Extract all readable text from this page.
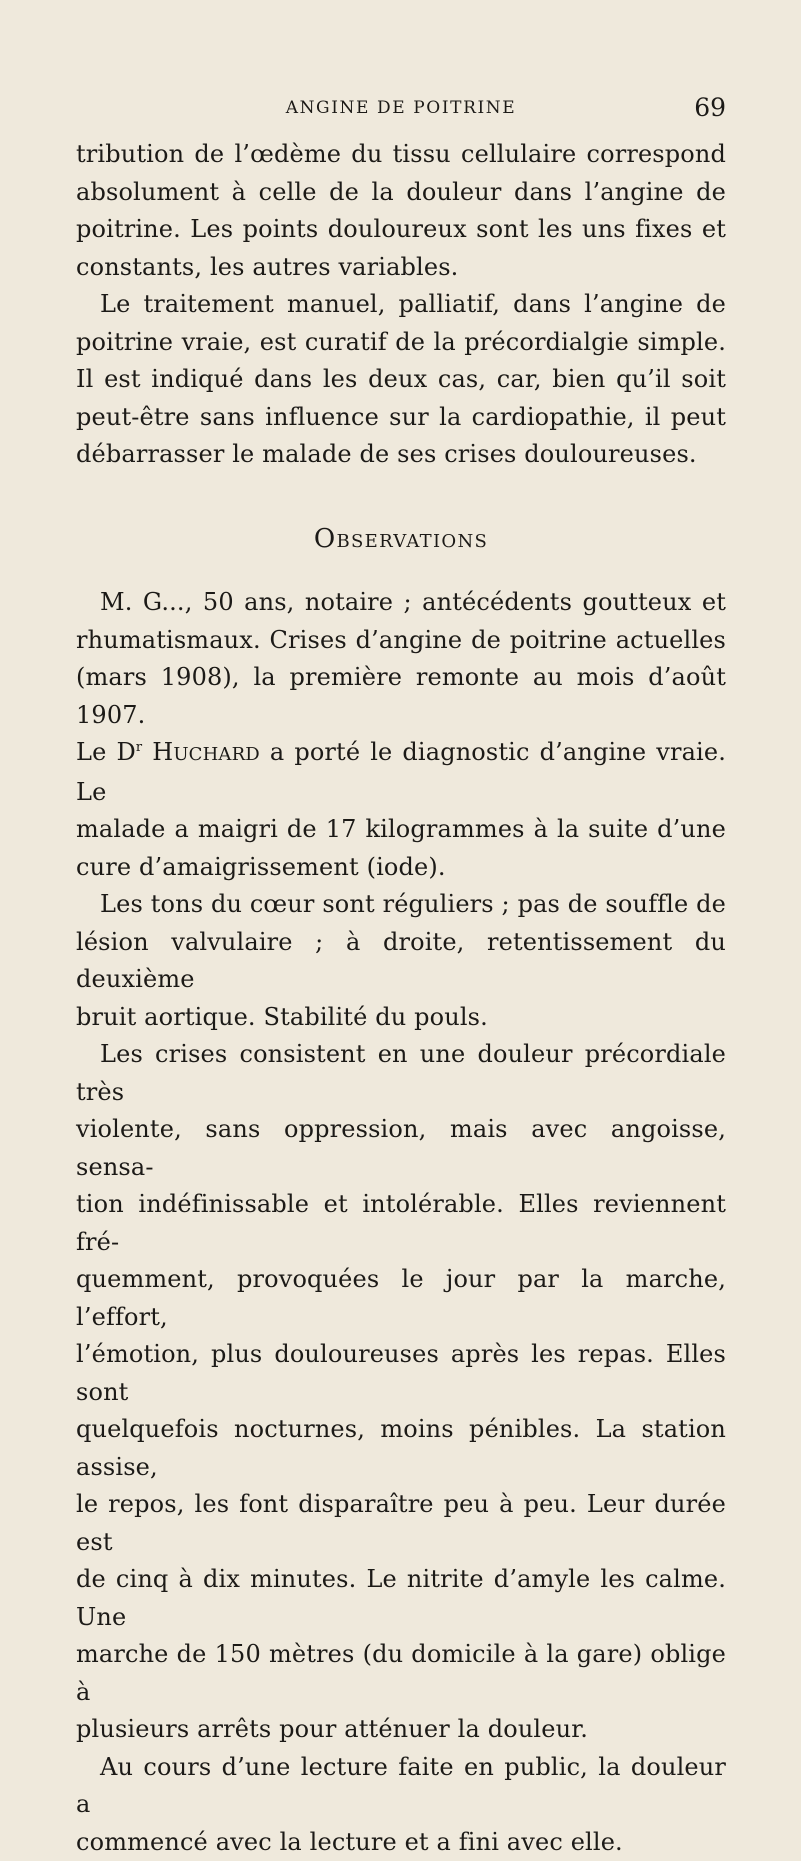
ANGINE DE POITRINE	69

tribution de l’œdème du tissu cellulaire correspond

absolument à celle de la douleur dans l’angine de

poitrine. Les points douloureux sont les uns fixes et

constants, les autres variables.

Le traitement manuel, palliatif, dans l’angine de

poitrine vraie, est curatif de la précordialgie simple.

Il est indiqué dans les deux cas, car, bien qu’il soit

peut-être sans influence sur la cardiopathie, il peut

débarrasser le malade de ses crises douloureuses.

OBSERVATIONS

M. G..., 50 ans, notaire ; antécédents goutteux et

rhumatismaux. Crises d’angine de poitrine actuelles

(mars 1908), la première remonte au mois d’août 1907.

Le $D^r$ HUCHARD a porté le diagnostic d’angine vraie. Le

malade a maigri de 17 kilogrammes à la suite d’une

cure d’amaigrissement (iode).

Les tons du cœur sont réguliers ; pas de souffle de

lésion valvulaire ; à droite, retentissement du deuxième

bruit aortique. Stabilité du pouls.

Les crises consistent en une douleur précordiale très

violente, sans oppression, mais avec angoisse, sensa-

tion indéfinissable et intolérable. Elles reviennent fré-

quemment, provoquées le jour par la marche, l’effort,

l’émotion, plus douloureuses après les repas. Elles sont

quelquefois nocturnes, moins pénibles. La station assise,

le repos, les font disparaître peu à peu. Leur durée est

de cinq à dix minutes. Le nitrite d’amyle les calme. Une

marche de 150 mètres (du domicile à la gare) oblige à

plusieurs arrêts pour atténuer la douleur.

Au cours d’une lecture faite en public, la douleur a

commencé avec la lecture et a fini avec elle.
